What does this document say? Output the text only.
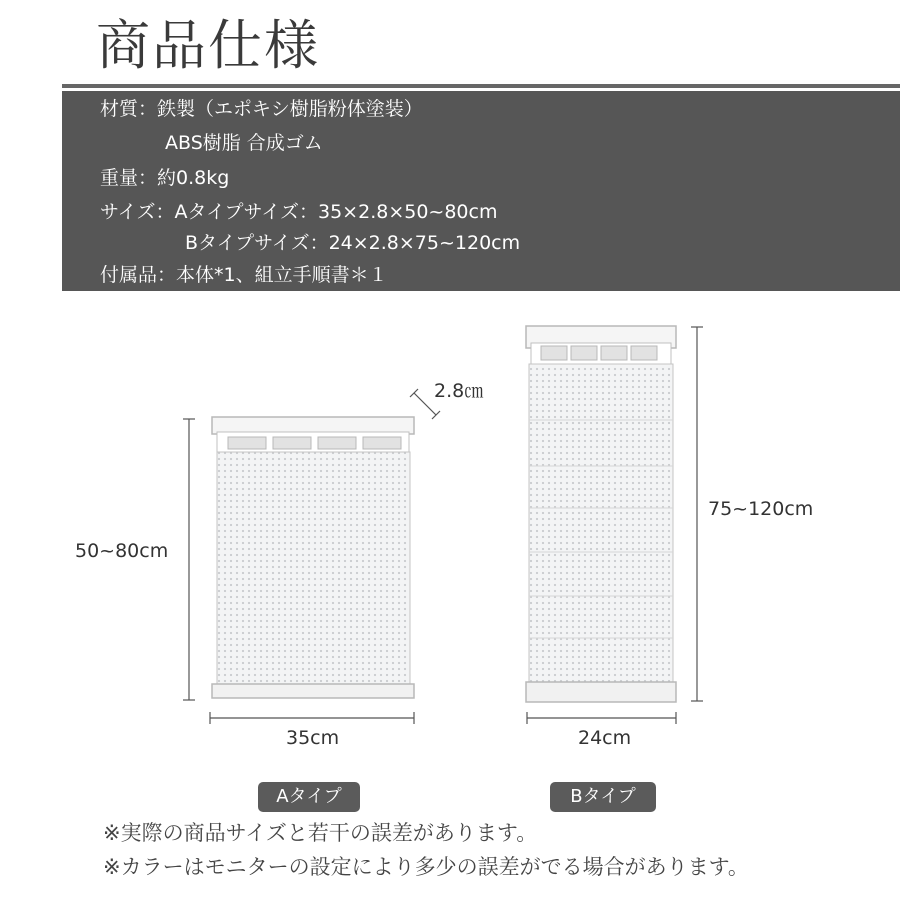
商品仕様
材質：鉄製（エポキシ樹脂粉体塗装）
ABS樹脂 合成ゴム
重量：約0.8kg
サイズ：Aタイプサイズ：35×2.8×50~80cm
Bタイプサイズ：24×2.8×75~120cm
付属品：本体*1、組立手順書＊１
2.8㎝
50~80cm
35cm
75~120cm
24cm
Aタイプ	Bタイプ
※実際の商品サイズと若干の誤差があります。
※カラーはモニターの設定により多少の誤差がでる場合があります。
